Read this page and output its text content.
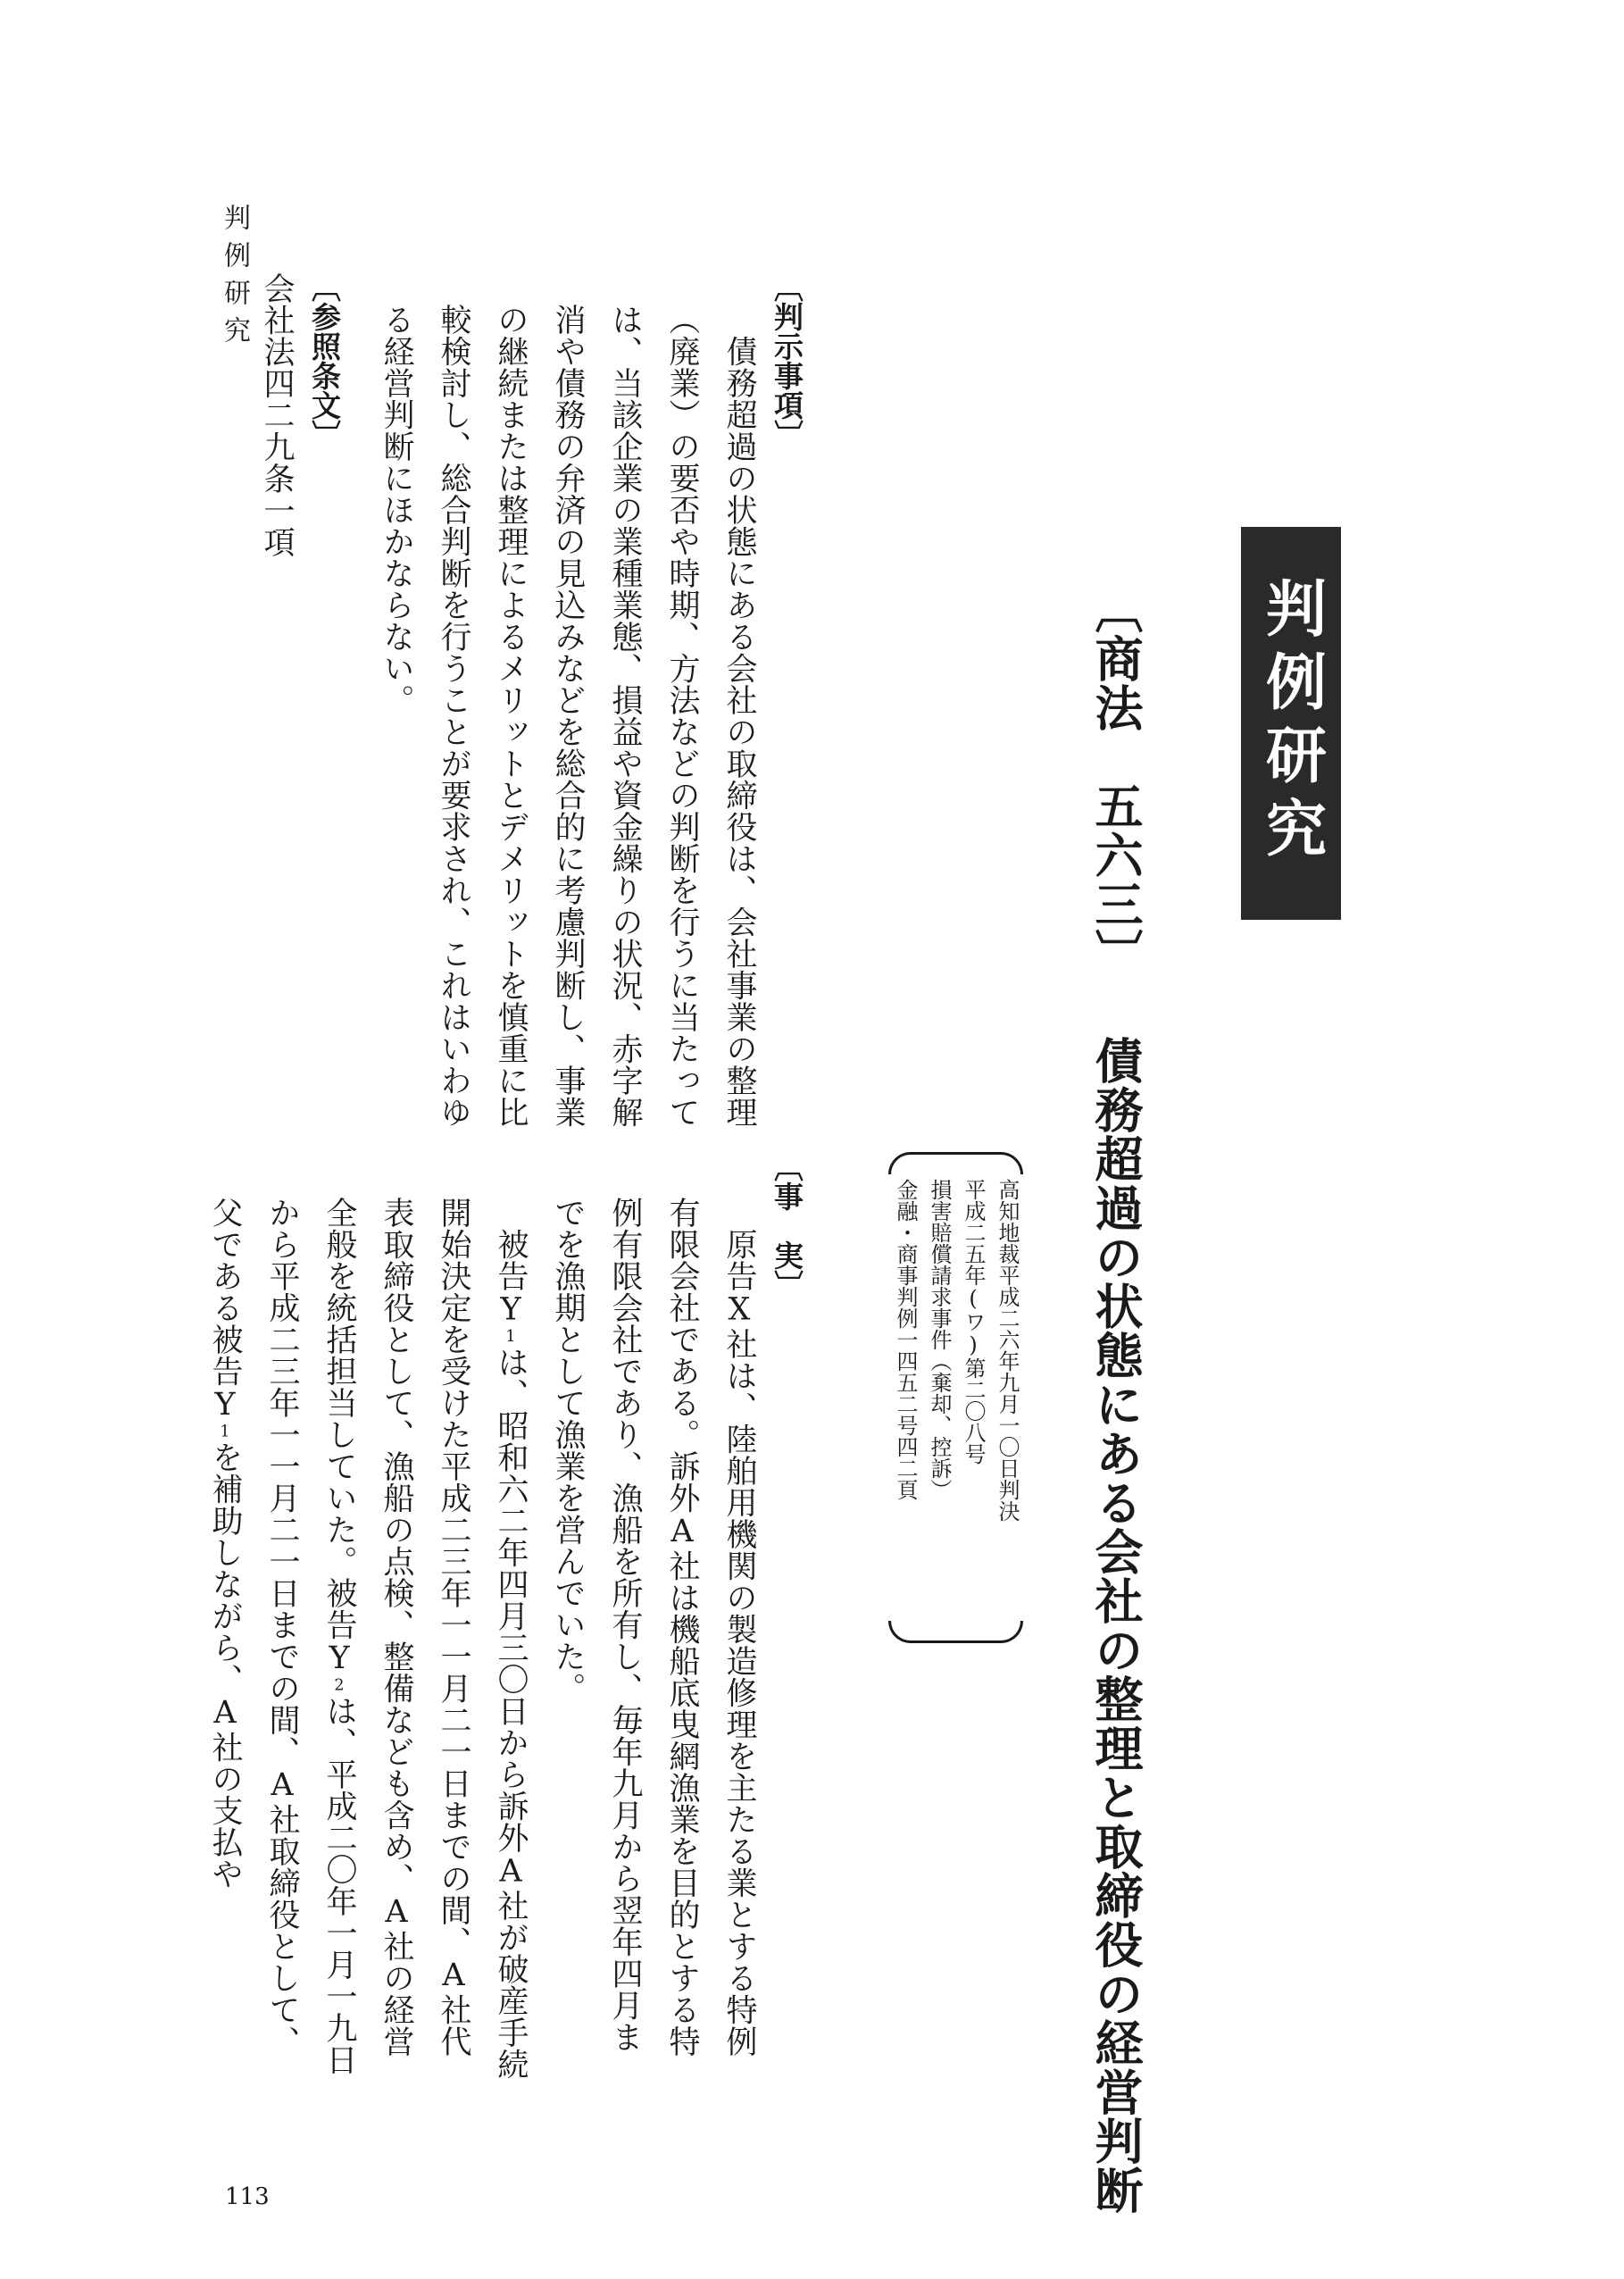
判例研究
判例研究
〔商法　五六三〕 債務超過の状態にある会社の整理と取締役の経営判断
高知地裁平成二六年九月一〇日判決
平成二五年(ワ)第二〇八号
損害賠償請求事件（棄却、控訴）
金融・商事判例一四五二号四二頁
〔事　実〕

　原告X社は、陸舶用機関の製造修理を主たる業とする特例有限会社である。訴外A社は機船底曳網漁業を目的とする特例有限会社であり、漁船を所有し、毎年九月から翌年四月までを漁期として漁業を営んでいた。
　被告Y1は、昭和六二年四月三〇日から訴外A社が破産手続開始決定を受けた平成二三年一一月二一日までの間、A社代表取締役として、漁船の点検、整備なども含め、A社の経営全般を統括担当していた。被告Y2は、平成二〇年一月一九日から平成二三年一一月二一日までの間、A社取締役として、父である被告Y1を補助しながら、A社の支払や

〔判示事項〕

　債務超過の状態にある会社の取締役は、会社事業の整理（廃業）の要否や時期、方法などの判断を行うに当たっては、当該企業の業種業態、損益や資金繰りの状況、赤字解消や債務の弁済の見込みなどを総合的に考慮判断し、事業の継続または整理によるメリットとデメリットを慎重に比較検討し、総合判断を行うことが要求され、これはいわゆる経営判断にほかならない。

〔参照条文〕

会社法四二九条一項

113
